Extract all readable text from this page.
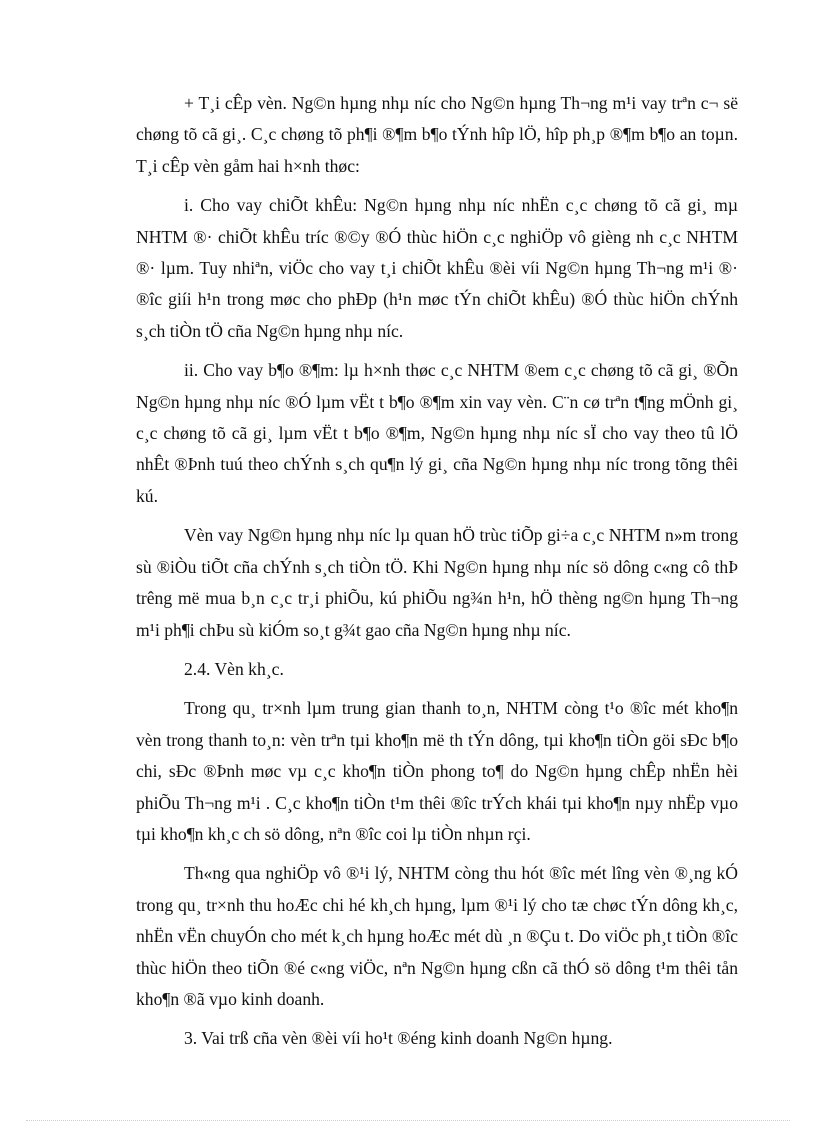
+ T¸i cÊp vèn. Ng©n hµng nhµ níc cho Ng©n hµng Th¬ng m¹i vay trªn c¬ së chøng tõ cã gi¸. C¸c chøng tõ ph¶i ®¶m b¶o tÝnh hîp lÖ, hîp ph¸p ®¶m b¶o an toµn. T¸i cÊp vèn gåm hai h×nh thøc:

i. Cho vay chiÕt khÊu: Ng©n hµng nhµ níc nhËn c¸c chøng tõ cã gi¸ mµ NHTM ®· chiÕt khÊu tríc ®©y ®Ó thùc hiÖn c¸c nghiÖp vô gièng nh c¸c NHTM ®· lµm. Tuy nhiªn, viÖc cho vay t¸i chiÕt khÊu ®èi víi Ng©n hµng Th¬ng m¹i ®· ®îc giíi h¹n trong møc cho phÐp (h¹n møc tÝn chiÕt khÊu) ®Ó thùc hiÖn chÝnh s¸ch tiÒn tÖ cña Ng©n hµng nhµ níc.

ii. Cho vay b¶o ®¶m: lµ h×nh thøc c¸c NHTM ®em c¸c chøng tõ cã gi¸ ®Õn Ng©n hµng nhµ níc ®Ó lµm vËt t b¶o ®¶m xin vay vèn. C¨n cø trªn t¶ng mÖnh gi¸ c¸c chøng tõ cã gi¸ lµm vËt t b¶o ®¶m, Ng©n hµng nhµ níc sÏ cho vay theo tû lÖ nhÊt ®Þnh tuú theo chÝnh s¸ch qu¶n lý gi¸ cña Ng©n hµng nhµ níc trong tõng thêi kú.

Vèn vay Ng©n hµng nhµ níc lµ quan hÖ trùc tiÕp gi÷a c¸c NHTM n»m trong sù ®iÒu tiÕt cña chÝnh s¸ch tiÒn tÖ. Khi Ng©n hµng nhµ níc sö dông c«ng cô thÞ trêng më mua b¸n c¸c tr¸i phiÕu, kú phiÕu ng¾n h¹n, hÖ thèng ng©n hµng Th¬ng m¹i ph¶i chÞu sù kiÓm so¸t g¾t gao cña Ng©n hµng nhµ níc.

2.4. Vèn kh¸c.

Trong qu¸ tr×nh lµm trung gian thanh to¸n, NHTM còng t¹o ®îc mét kho¶n vèn trong thanh to¸n: vèn trªn tµi kho¶n më th tÝn dông, tµi kho¶n tiÒn göi sÐc b¶o chi, sÐc ®Þnh møc vµ c¸c kho¶n tiÒn phong to¶ do Ng©n hµng chÊp nhËn hèi phiÕu Th¬ng m¹i . C¸c kho¶n tiÒn t¹m thêi ®îc trÝch khái tµi kho¶n nµy nhËp vµo tµi kho¶n kh¸c ch sö dông, nªn ®îc coi lµ tiÒn nhµn rçi.

Th«ng qua nghiÖp vô ®¹i lý, NHTM còng thu hót ®îc mét lîng vèn ®¸ng kÓ trong qu¸ tr×nh thu hoÆc chi hé kh¸ch hµng, lµm ®¹i lý cho tæ chøc tÝn dông kh¸c, nhËn vËn chuyÓn cho mét k¸ch hµng hoÆc mét dù ¸n ®Çu t. Do viÖc ph¸t tiÒn ®îc thùc hiÖn theo tiÕn ®é c«ng viÖc, nªn Ng©n hµng cßn cã thÓ sö dông t¹m thêi tån kho¶n ®ã vµo kinh doanh.

3. Vai trß cña vèn ®èi víi ho¹t ®éng kinh doanh Ng©n hµng.
